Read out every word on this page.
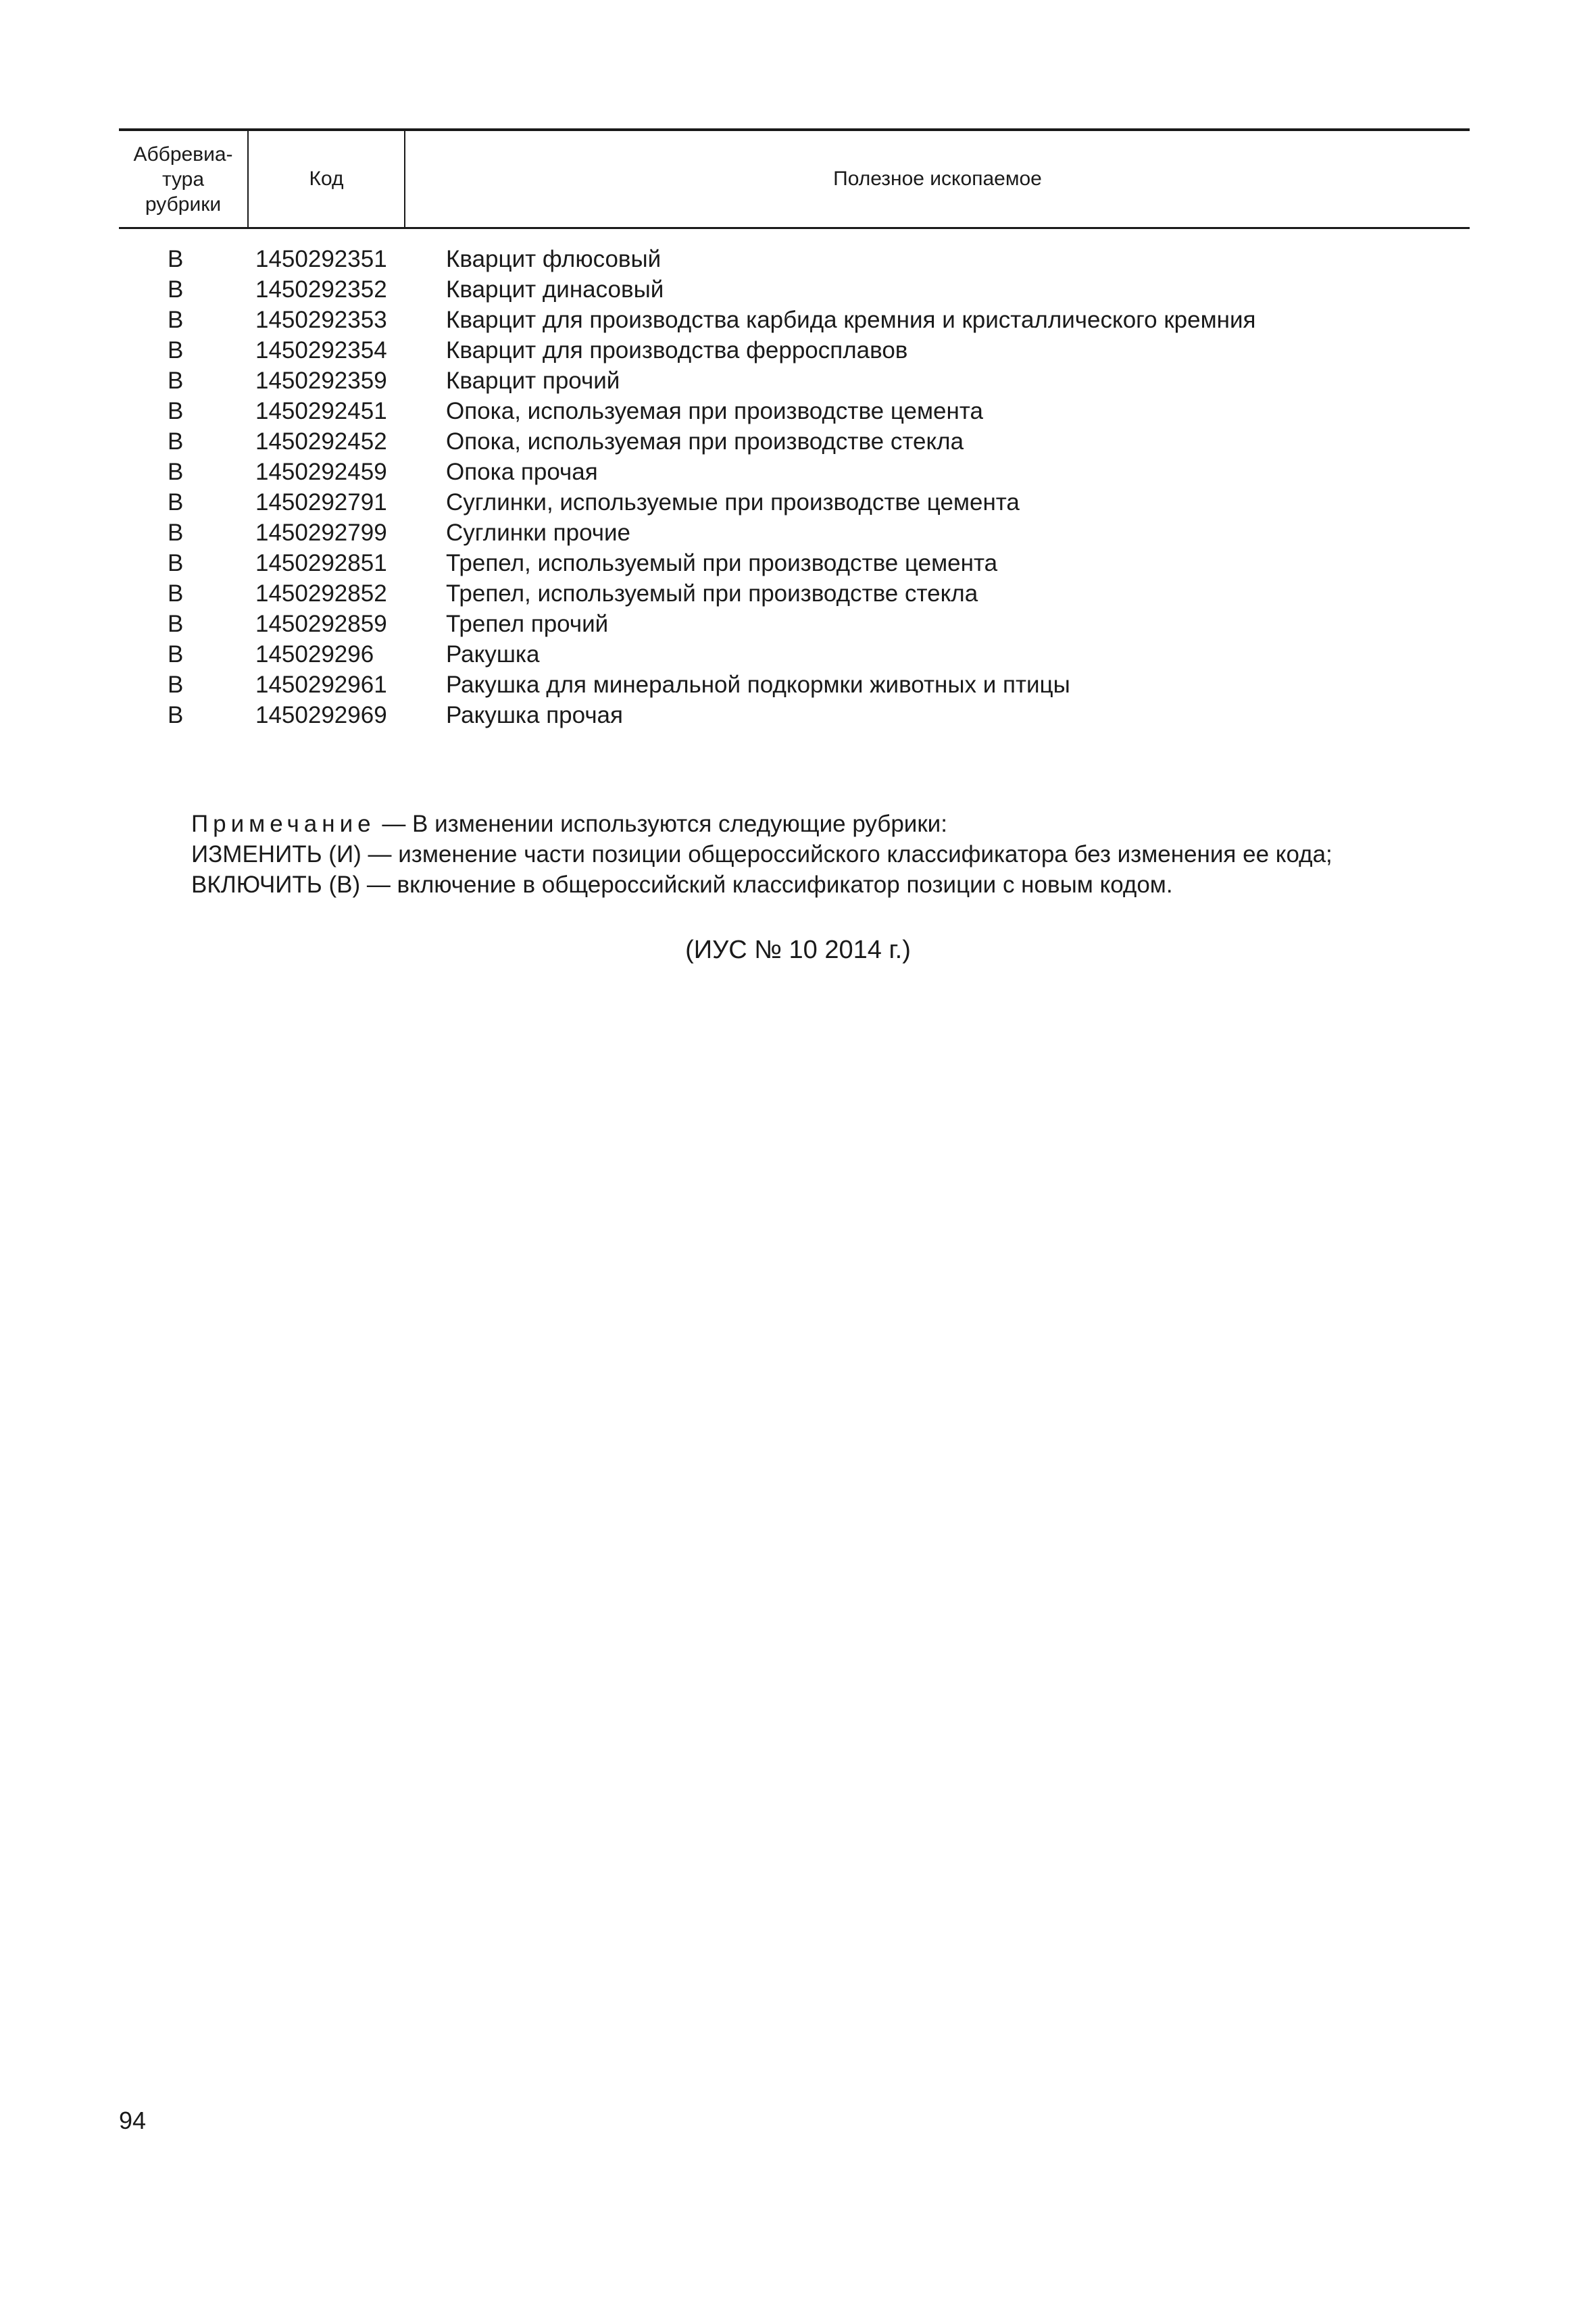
Аббревиа-
тура
рубрики
Код	Полезное ископаемое
В	1450292351 Кварцит флюсовый
В	1450292352 Кварцит динасовый
В	1450292353 Кварцит для производства карбида кремния и кристаллического кремния
В	1450292354 Кварцит для производства ферросплавов
В	1450292359 Кварцит прочий
В	1450292451 Опока, используемая при производстве цемента
В	1450292452 Опока, используемая при производстве стекла
В	1450292459 Опока прочая
В	1450292791 Суглинки, используемые при производстве цемента
В	1450292799 Суглинки прочие
В	1450292851 Трепел, используемый при производстве цемента
В	1450292852 Трепел, используемый при производстве стекла
В	1450292859 Трепел прочий
В	145029296	Ракушка
В	1450292961 Ракушка для минеральной подкормки животных и птицы
В	1450292969 Ракушка прочая
Примечание — В изменении используются следующие рубрики:
ИЗМЕНИТЬ (И) — изменение части позиции общероссийского классификатора без изменения ее кода;
ВКЛЮЧИТЬ (В) — включение в общероссийский классификатор позиции с новым кодом.
(ИУС № 10 2014 г.)
94
